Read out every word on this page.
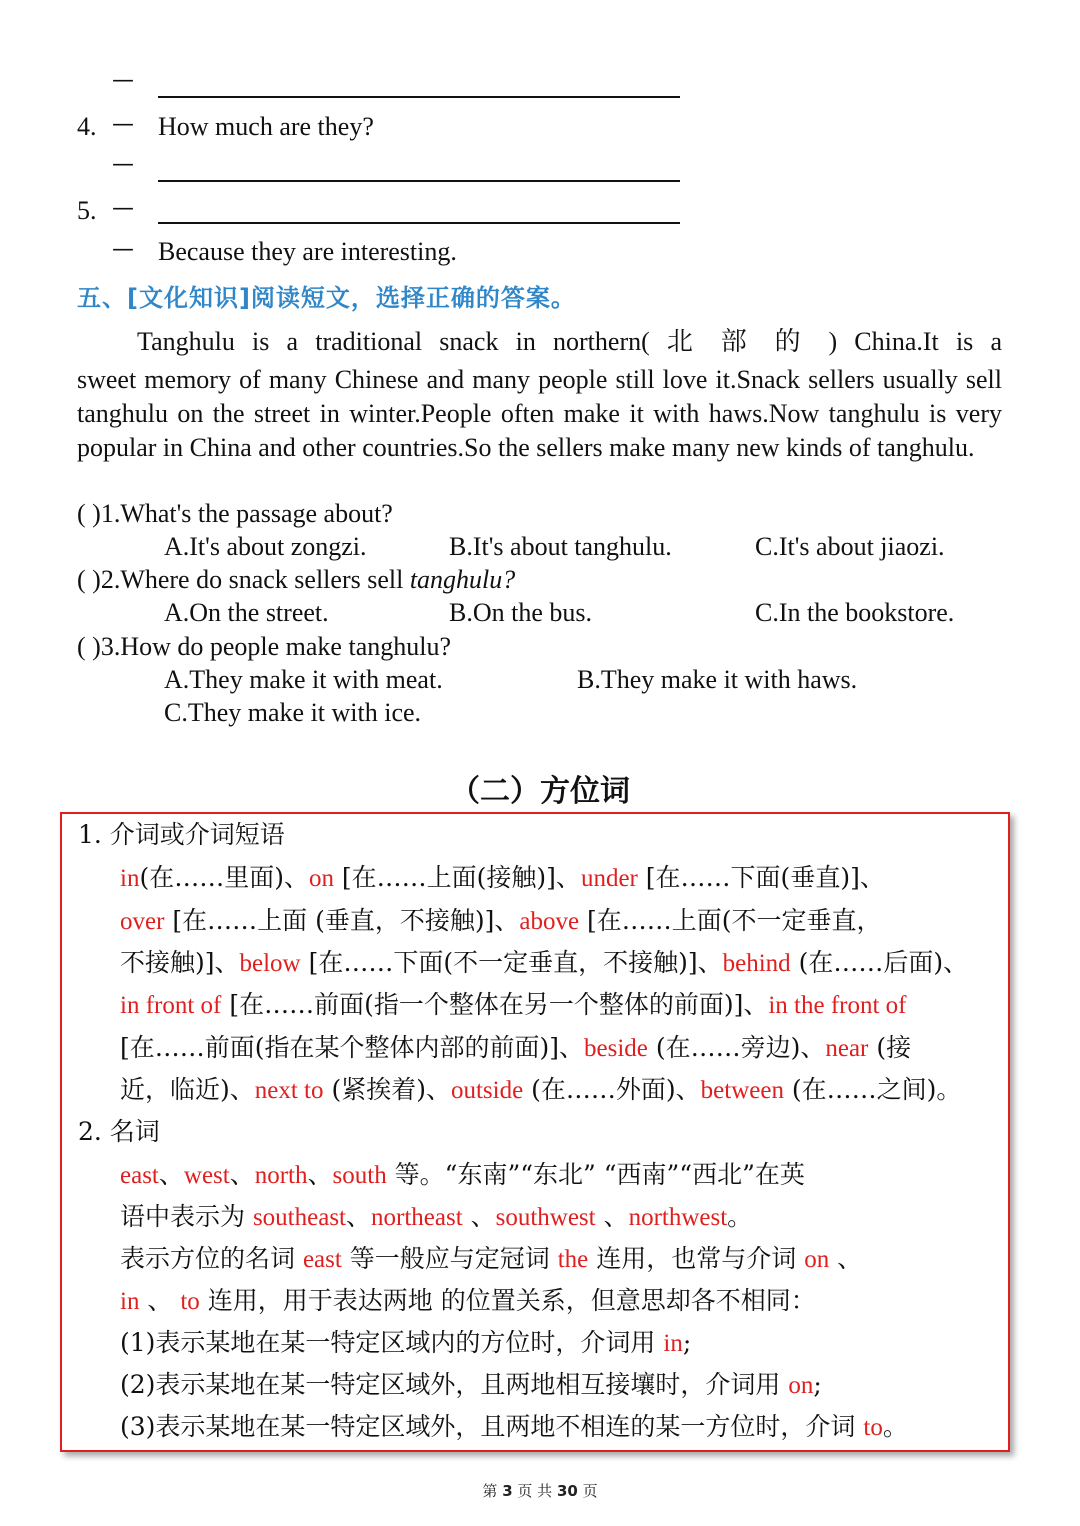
—
4. — How much are they?
—
5. —
— Because they are interesting.
五、[文化知识]阅读短文，选择正确的答案。
Tanghulu is a traditional snack in northern( 北 部 的 ) China.It is a
sweet memory of many Chinese and many people still love it.Snack sellers usually sell tanghulu on the street in winter.People often make it with haws.Now tanghulu is very popular in China and other countries.So the sellers make many new kinds of tanghulu.
( )1.What's the passage about?
A.It's about zongzi.	B.It's about tanghulu.	C.It's about jiaozi.
( )2.Where do snack sellers sell tanghulu?
A.On the street.	B.On the bus.	C.In the bookstore.
( )3.How do people make tanghulu?
A.They make it with meat.	B.They make it with haws.
C.They make it with ice.
（二）方位词
1. 介词或介词短语
in(在……里面)、on [在……上面(接触)]、under [在……下面(垂直)]、
over [在……上面 (垂直，不接触)]、above [在……上面(不一定垂直，
不接触)]、below [在……下面(不一定垂直，不接触)]、behind (在……后面)、
in front of [在……前面(指一个整体在另一个整体的前面)]、in the front of
[在……前面(指在某个整体内部的前面)]、beside (在……旁边)、near (接
近，临近)、next to (紧挨着)、outside (在……外面)、between (在……之间)。
2. 名词
east、west、north、south 等。“东南”“东北” “西南”“西北”在英
语中表示为 southeast、northeast 、southwest 、northwest。
表示方位的名词 east 等一般应与定冠词 the 连用，也常与介词 on 、
in 、 to 连用，用于表达两地 的位置关系，但意思却各不相同：
(1)表示某地在某一特定区域内的方位时，介词用 in;
(2)表示某地在某一特定区域外，且两地相互接壤时，介词用 on;
(3)表示某地在某一特定区域外，且两地不相连的某一方位时，介词 to。
第 3 页 共 30 页
